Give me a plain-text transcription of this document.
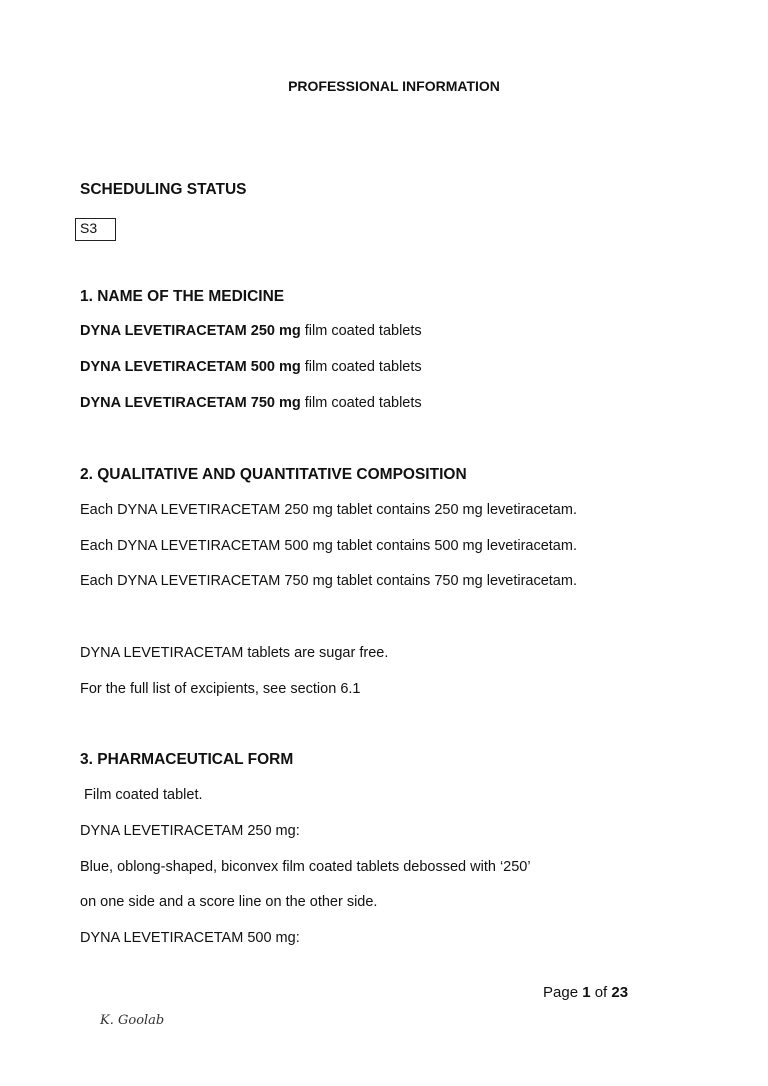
PROFESSIONAL INFORMATION
SCHEDULING STATUS
S3
1. NAME OF THE MEDICINE
DYNA LEVETIRACETAM 250 mg film coated tablets
DYNA LEVETIRACETAM 500 mg film coated tablets
DYNA LEVETIRACETAM 750 mg film coated tablets
2. QUALITATIVE AND QUANTITATIVE COMPOSITION
Each DYNA LEVETIRACETAM 250 mg tablet contains 250 mg levetiracetam.
Each DYNA LEVETIRACETAM 500 mg tablet contains 500 mg levetiracetam.
Each DYNA LEVETIRACETAM 750 mg tablet contains 750 mg levetiracetam.
DYNA LEVETIRACETAM tablets are sugar free.
For the full list of excipients, see section 6.1
3. PHARMACEUTICAL FORM
Film coated tablet.
DYNA LEVETIRACETAM 250 mg:
Blue, oblong-shaped, biconvex film coated tablets debossed with ‘250’
on one side and a score line on the other side.
DYNA LEVETIRACETAM 500 mg:
Page 1 of 23
K. Goolab
